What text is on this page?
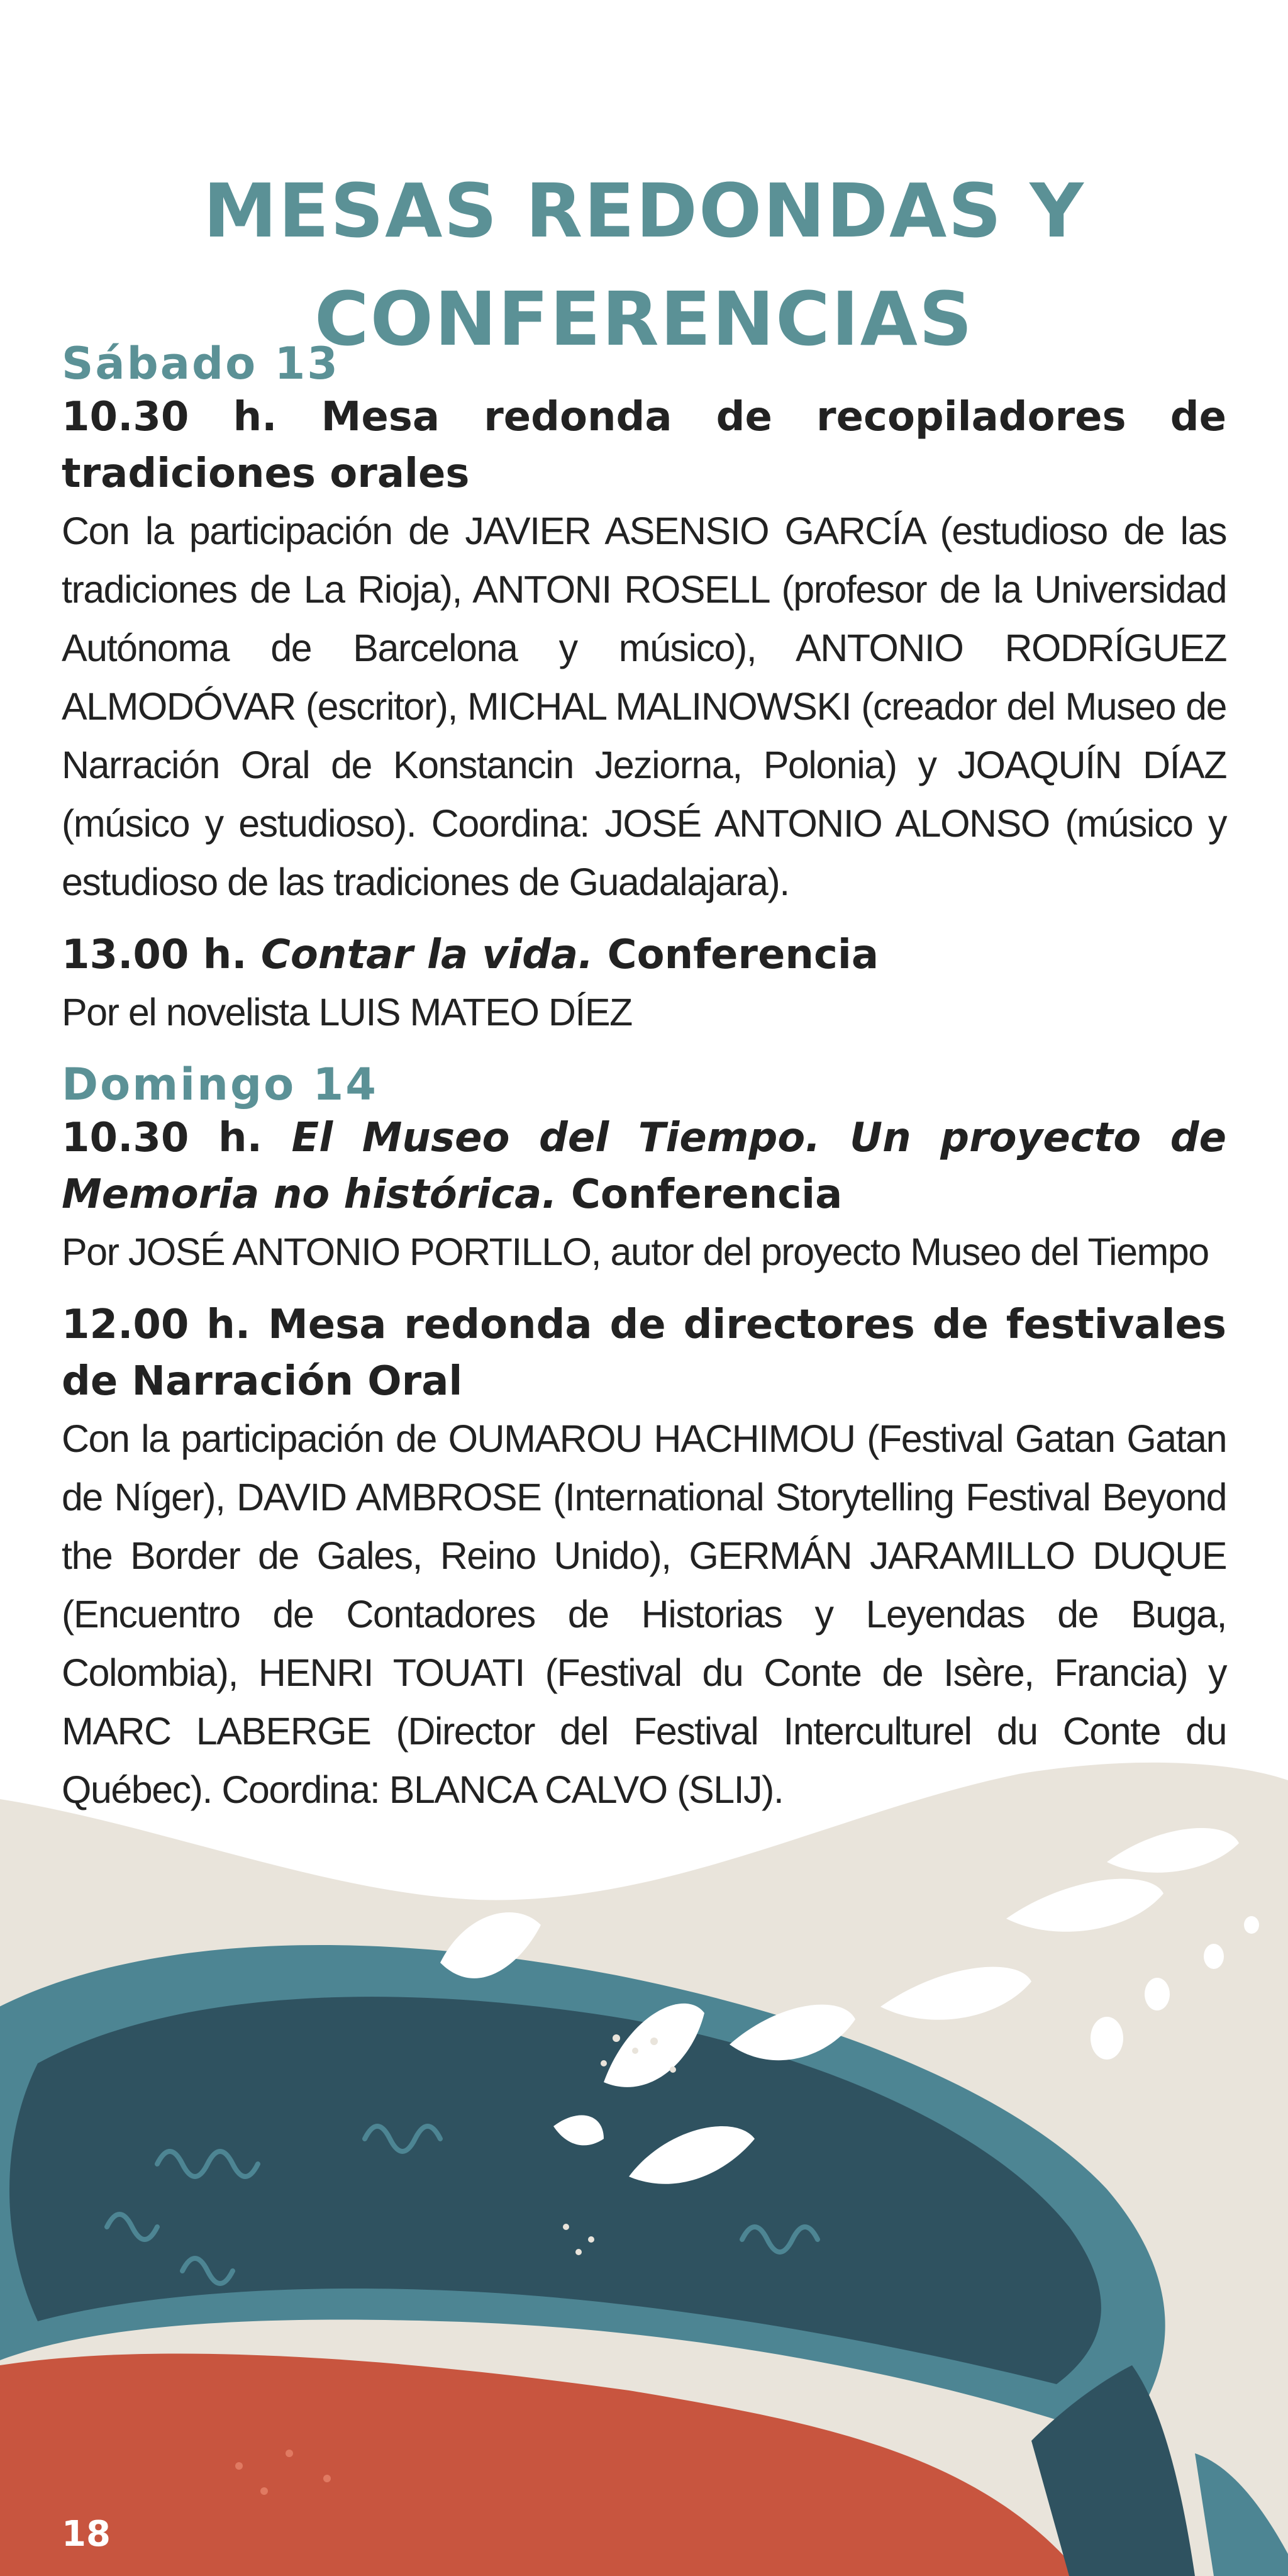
MESAS REDONDAS Y
CONFERENCIAS
Sábado 13

10.30 h. Mesa redonda de recopiladores de tradiciones orales

Con la participación de JAVIER ASENSIO GARCÍA (estudioso de las tradiciones de La Rioja), ANTONI ROSELL (profesor de la Universidad Autónoma de Barcelona y músico), ANTONIO RODRÍGUEZ ALMODÓVAR (escritor), MICHAL MALINOWSKI (creador del Museo de Narración Oral de Konstancin Jeziorna, Polonia) y JOAQUÍN DÍAZ (músico y estudioso). Coordina: JOSÉ ANTONIO ALONSO (músico y estudioso de las tradiciones de Guadalajara).

13.00 h. Contar la vida. Conferencia

Por el novelista LUIS MATEO DÍEZ

Domingo 14

10.30 h. El Museo del Tiempo. Un proyecto de Memoria no histórica. Conferencia

Por JOSÉ ANTONIO PORTILLO, autor del proyecto Museo del Tiempo

12.00 h. Mesa redonda de directores de festivales de Narración Oral

Con la participación de OUMAROU HACHIMOU (Festival Gatan Gatan de Níger), DAVID AMBROSE (International Storytelling Festival Beyond the Border de Gales, Reino Unido), GERMÁN JARAMILLO DUQUE (Encuentro de Contadores de Historias y Leyendas de Buga, Colombia), HENRI TOUATI (Festival du Conte de Isère, Francia) y MARC LABERGE (Director del Festival Interculturel du Conte du Québec). Coordina: BLANCA CALVO (SLIJ).

18
